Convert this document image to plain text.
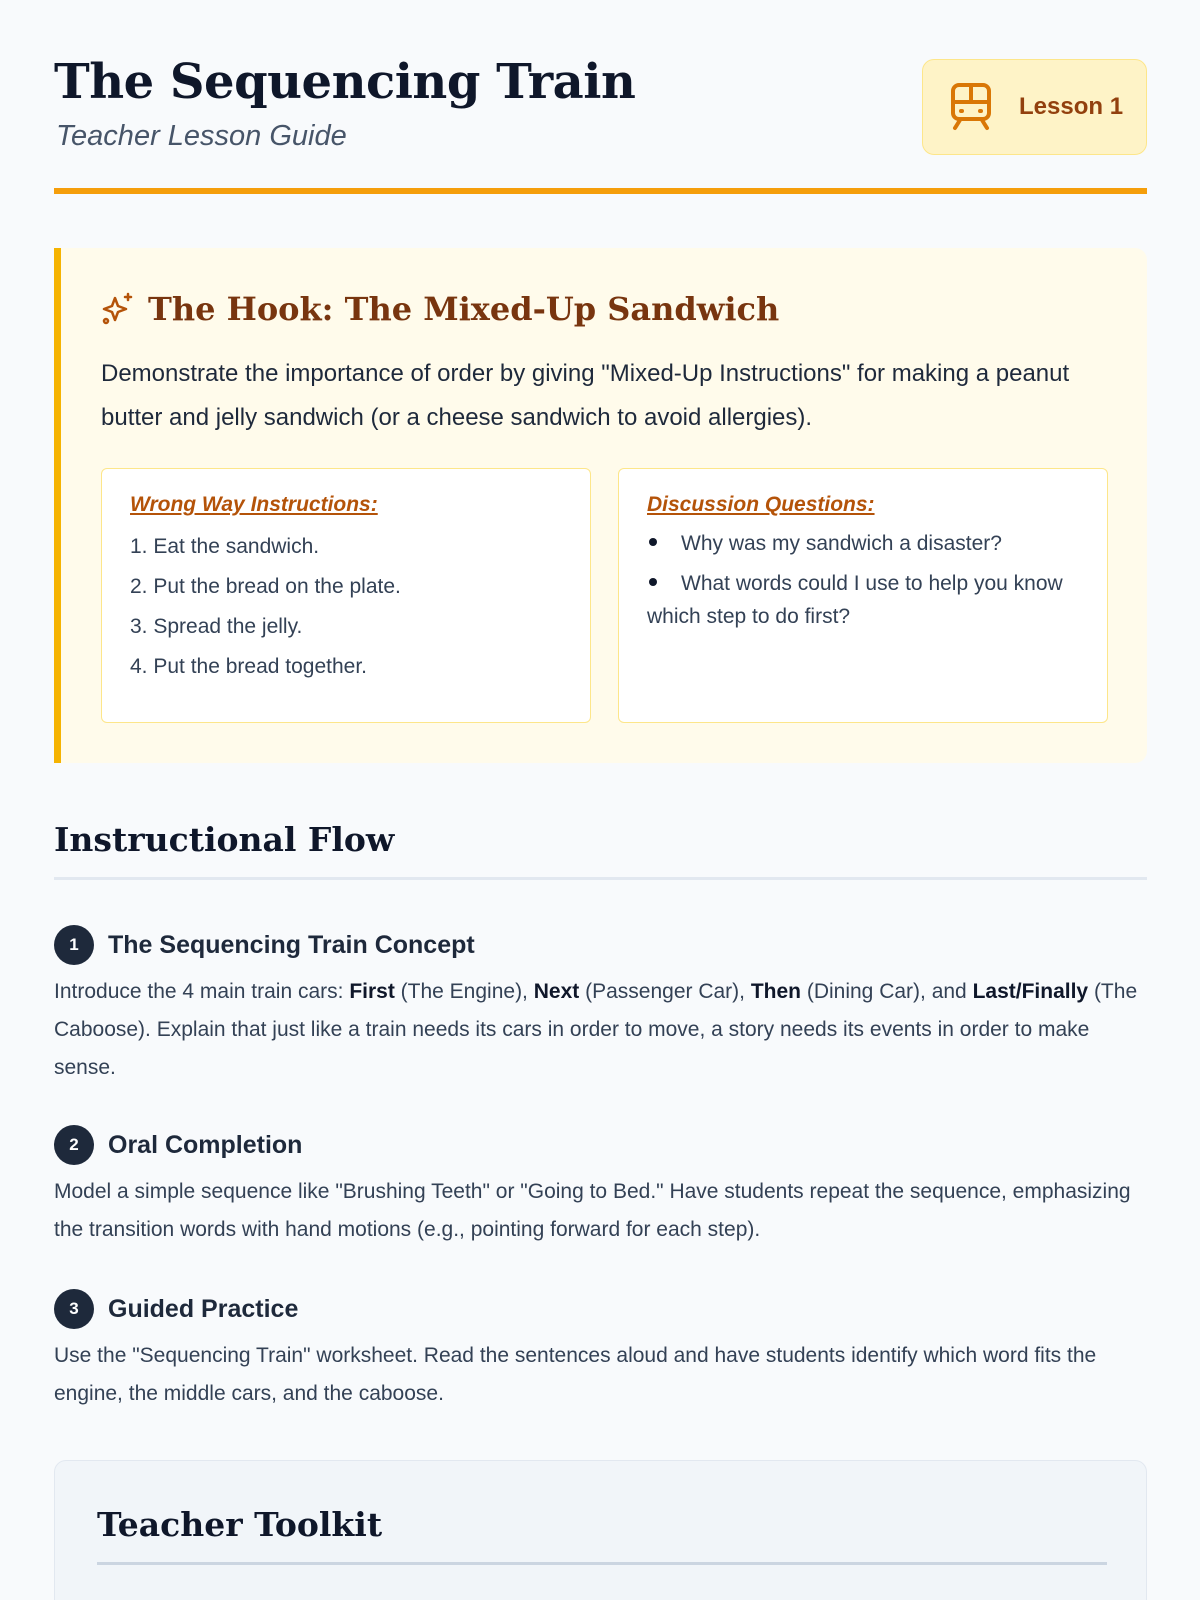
The Sequencing Train
Teacher Lesson Guide
Lesson 1
The Hook: The Mixed-Up Sandwich

Demonstrate the importance of order by giving "Mixed-Up Instructions" for making a peanut butter and jelly sandwich (or a cheese sandwich to avoid allergies).

Wrong Way Instructions:
1. Eat the sandwich.
2. Put the bread on the plate.
3. Spread the jelly.
4. Put the bread together.
Discussion Questions:
Why was my sandwich a disaster?
What words could I use to help you know which step to do first?
Instructional Flow
1	The Sequencing Train Concept

Introduce the 4 main train cars: First (The Engine), Next (Passenger Car), Then (Dining Car), and Last/Finally (The Caboose). Explain that just like a train needs its cars in order to move, a story needs its events in order to make sense.

2	Oral Completion

Model a simple sequence like "Brushing Teeth" or "Going to Bed." Have students repeat the sequence, emphasizing the transition words with hand motions (e.g., pointing forward for each step).

3	Guided Practice

Use the "Sequencing Train" worksheet. Read the sentences aloud and have students identify which word fits the engine, the middle cars, and the caboose.

Teacher Toolkit
